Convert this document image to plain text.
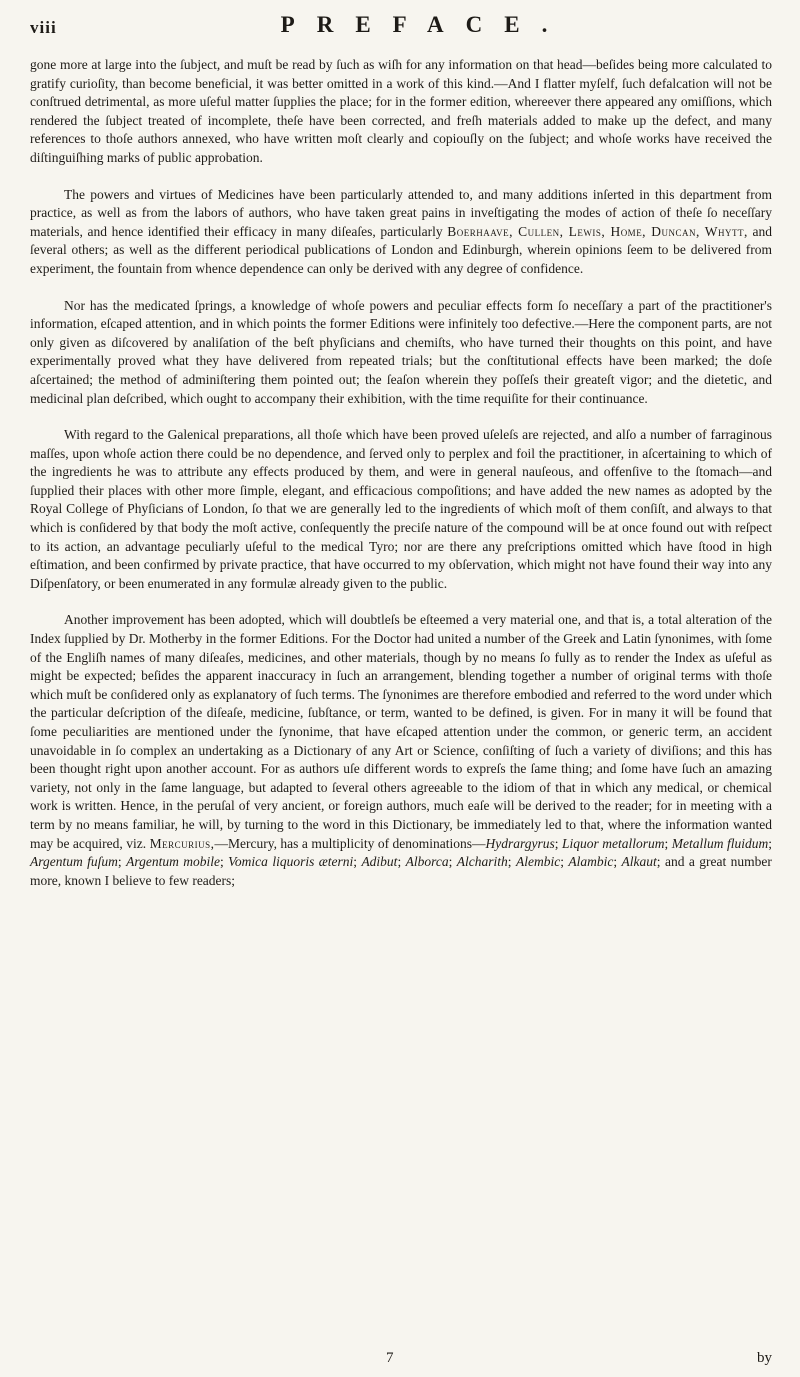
viii	PREFACE.

gone more at large into the ſubject, and muſt be read by ſuch as wiſh for any information on that head—beſides being more calculated to gratify curioſity, than become beneficial, it was better omitted in a work of this kind.—And I flatter myſelf, ſuch defalcation will not be conſtrued detrimental, as more uſeful matter ſupplies the place; for in the former edition, whereever there appeared any omiſſions, which rendered the ſubject treated of incomplete, theſe have been corrected, and freſh materials added to make up the defect, and many references to thoſe authors annexed, who have written moſt clearly and copiouſly on the ſubject; and whoſe works have received the diſtinguiſhing marks of public approbation.

The powers and virtues of Medicines have been particularly attended to, and many additions inſerted in this department from practice, as well as from the labors of authors, who have taken great pains in inveſtigating the modes of action of theſe ſo neceſſary materials, and hence identified their efficacy in many diſeaſes, particularly Boerhaave, Cullen, Lewis, Home, Duncan, Whytt, and ſeveral others; as well as the different periodical publications of London and Edinburgh, wherein opinions ſeem to be delivered from experiment, the fountain from whence dependence can only be derived with any degree of confidence.

Nor has the medicated ſprings, a knowledge of whoſe powers and peculiar effects form ſo neceſſary a part of the practitioner's information, eſcaped attention, and in which points the former Editions were infinitely too defective.—Here the component parts, are not only given as diſcovered by analiſation of the beſt phyſicians and chemiſts, who have turned their thoughts on this point, and have experimentally proved what they have delivered from repeated trials; but the conſtitutional effects have been marked; the doſe aſcertained; the method of adminiſtering them pointed out; the ſeaſon wherein they poſſeſs their greateſt vigor; and the dietetic, and medicinal plan deſcribed, which ought to accompany their exhibition, with the time requiſite for their continuance.

With regard to the Galenical preparations, all thoſe which have been proved uſeleſs are rejected, and alſo a number of farraginous maſſes, upon whoſe action there could be no dependence, and ſerved only to perplex and foil the practitioner, in aſcertaining to which of the ingredients he was to attribute any effects produced by them, and were in general nauſeous, and offenſive to the ſtomach—and ſupplied their places with other more ſimple, elegant, and efficacious compoſitions; and have added the new names as adopted by the Royal College of Phyſicians of London, ſo that we are generally led to the ingredients of which moſt of them conſiſt, and always to that which is conſidered by that body the moſt active, conſequently the preciſe nature of the compound will be at once found out with reſpect to its action, an advantage peculiarly uſeful to the medical Tyro; nor are there any preſcriptions omitted which have ſtood in high eſtimation, and been confirmed by private practice, that have occurred to my obſervation, which might not have found their way into any Diſpenſatory, or been enumerated in any formulæ already given to the public.

Another improvement has been adopted, which will doubtleſs be eſteemed a very material one, and that is, a total alteration of the Index ſupplied by Dr. Motherby in the former Editions. For the Doctor had united a number of the Greek and Latin ſynonimes, with ſome of the Engliſh names of many diſeaſes, medicines, and other materials, though by no means ſo fully as to render the Index as uſeful as might be expected; beſides the apparent inaccuracy in ſuch an arrangement, blending together a number of original terms with thoſe which muſt be conſidered only as explanatory of ſuch terms. The ſynonimes are therefore embodied and referred to the word under which the particular deſcription of the diſeaſe, medicine, ſubſtance, or term, wanted to be defined, is given. For in many it will be found that ſome peculiarities are mentioned under the ſynonime, that have eſcaped attention under the common, or generic term, an accident unavoidable in ſo complex an undertaking as a Dictionary of any Art or Science, conſiſting of ſuch a variety of diviſions; and this has been thought right upon another account. For as authors uſe different words to expreſs the ſame thing; and ſome have ſuch an amazing variety, not only in the ſame language, but adapted to ſeveral others agreeable to the idiom of that in which any medical, or chemical work is written. Hence, in the peruſal of very ancient, or foreign authors, much eaſe will be derived to the reader; for in meeting with a term by no means familiar, he will, by turning to the word in this Dictionary, be immediately led to that, where the information wanted may be acquired, viz. Mercurius,—Mercury, has a multiplicity of denominations—Hydrargyrus; Liquor metallorum; Metallum fluidum; Argentum fuſum; Argentum mobile; Vomica liquoris æterni; Adibut; Alborca; Alcharith; Alembic; Alambic; Alkaut; and a great number more, known I believe to few readers;

7	by
